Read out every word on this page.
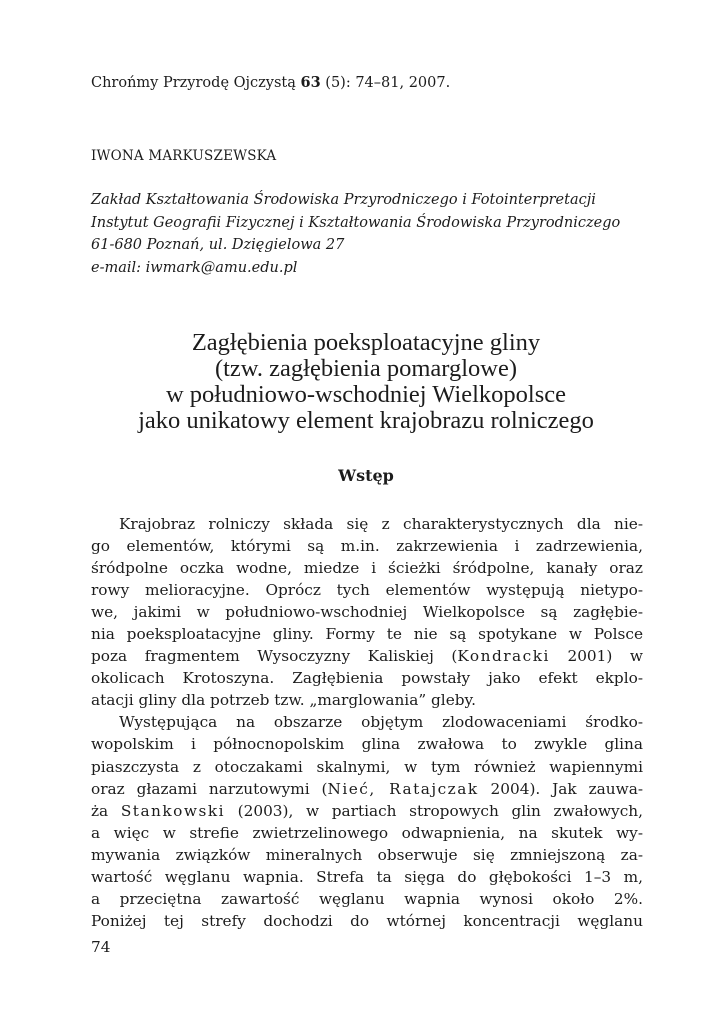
Chrońmy Przyrodę Ojczystą 63 (5): 74–81, 2007.
IWONA MARKUSZEWSKA
Zakład Kształtowania Środowiska Przyrodniczego i Fotointerpretacji
Instytut Geografii Fizycznej i Kształtowania Środowiska Przyrodniczego
61-680 Poznań, ul. Dzięgielowa 27
e-mail: iwmark@amu.edu.pl
Zagłębienia poeksploatacyjne gliny
(tzw. zagłębienia pomarglowe)
w południowo-wschodniej Wielkopolsce
jako unikatowy element krajobrazu rolniczego
Wstęp
Krajobraz rolniczy składa się z charakterystycznych dla nie-
go elementów, którymi są m.in. zakrzewienia i zadrzewienia,
śródpolne oczka wodne, miedze i ścieżki śródpolne, kanały oraz
rowy melioracyjne. Oprócz tych elementów występują nietypo-
we, jakimi w południowo-wschodniej Wielkopolsce są zagłębie-
nia poeksploatacyjne gliny. Formy te nie są spotykane w Polsce
poza fragmentem Wysoczyzny Kaliskiej (Kondracki 2001) w
okolicach Krotoszyna. Zagłębienia powstały jako efekt ekplo-
atacji gliny dla potrzeb tzw. „marglowania” gleby.
Występująca na obszarze objętym zlodowaceniami środko-
wopolskim i północnopolskim glina zwałowa to zwykle glina
piaszczysta z otoczakami skalnymi, w tym również wapiennymi
oraz głazami narzutowymi (Nieć, Ratajczak 2004). Jak zauwa-
ża Stankowski (2003), w partiach stropowych glin zwałowych,
a więc w strefie zwietrzelinowego odwapnienia, na skutek wy-
mywania związków mineralnych obserwuje się zmniejszoną za-
wartość węglanu wapnia. Strefa ta sięga do głębokości 1–3 m,
a przeciętna zawartość węglanu wapnia wynosi około 2%.
Poniżej tej strefy dochodzi do wtórnej koncentracji węglanu
74
